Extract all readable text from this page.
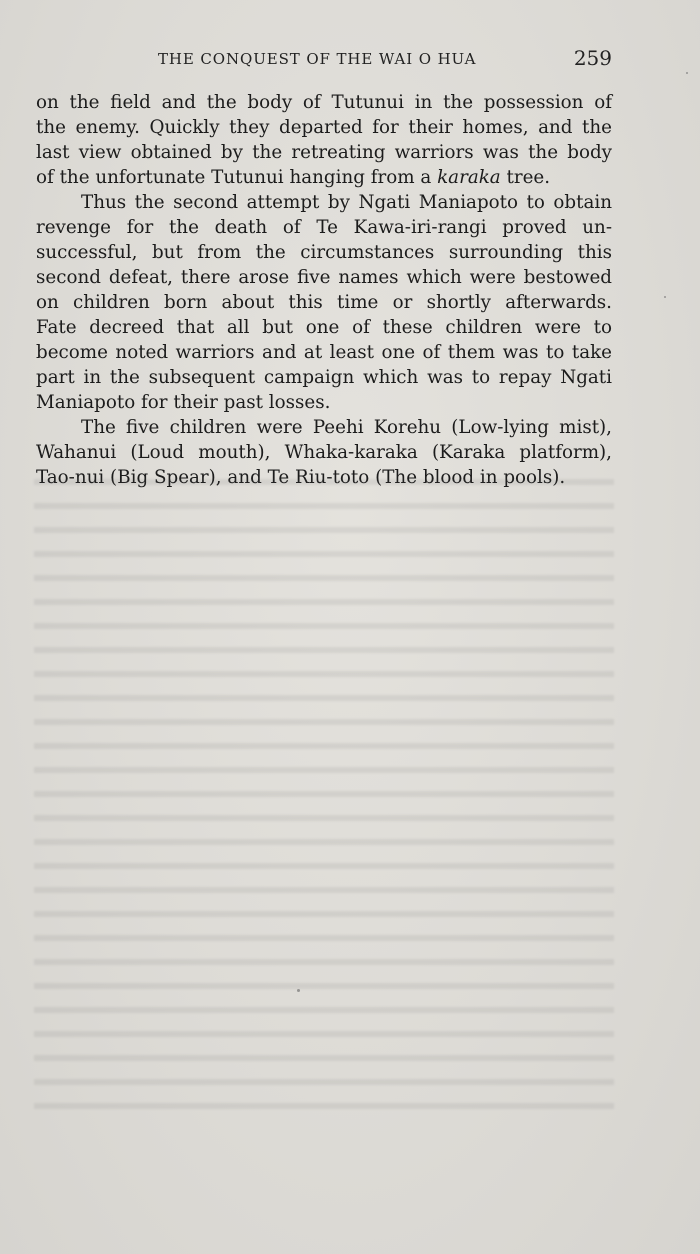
THE CONQUEST OF THE WAI O HUA	259

on the field and the body of Tutunui in the possession of
the enemy. Quickly they departed for their homes, and the
last view obtained by the retreating warriors was the body
of the unfortunate Tutunui hanging from a karaka tree.

Thus the second attempt by Ngati Maniapoto to obtain
revenge for the death of Te Kawa-iri-rangi proved un-
successful, but from the circumstances surrounding this
second defeat, there arose five names which were bestowed
on children born about this time or shortly afterwards.
Fate decreed that all but one of these children were to
become noted warriors and at least one of them was to take
part in the subsequent campaign which was to repay Ngati
Maniapoto for their past losses.

The five children were Peehi Korehu (Low-lying mist),
Wahanui (Loud mouth), Whaka-karaka (Karaka platform),
Tao-nui (Big Spear), and Te Riu-toto (The blood in pools).
